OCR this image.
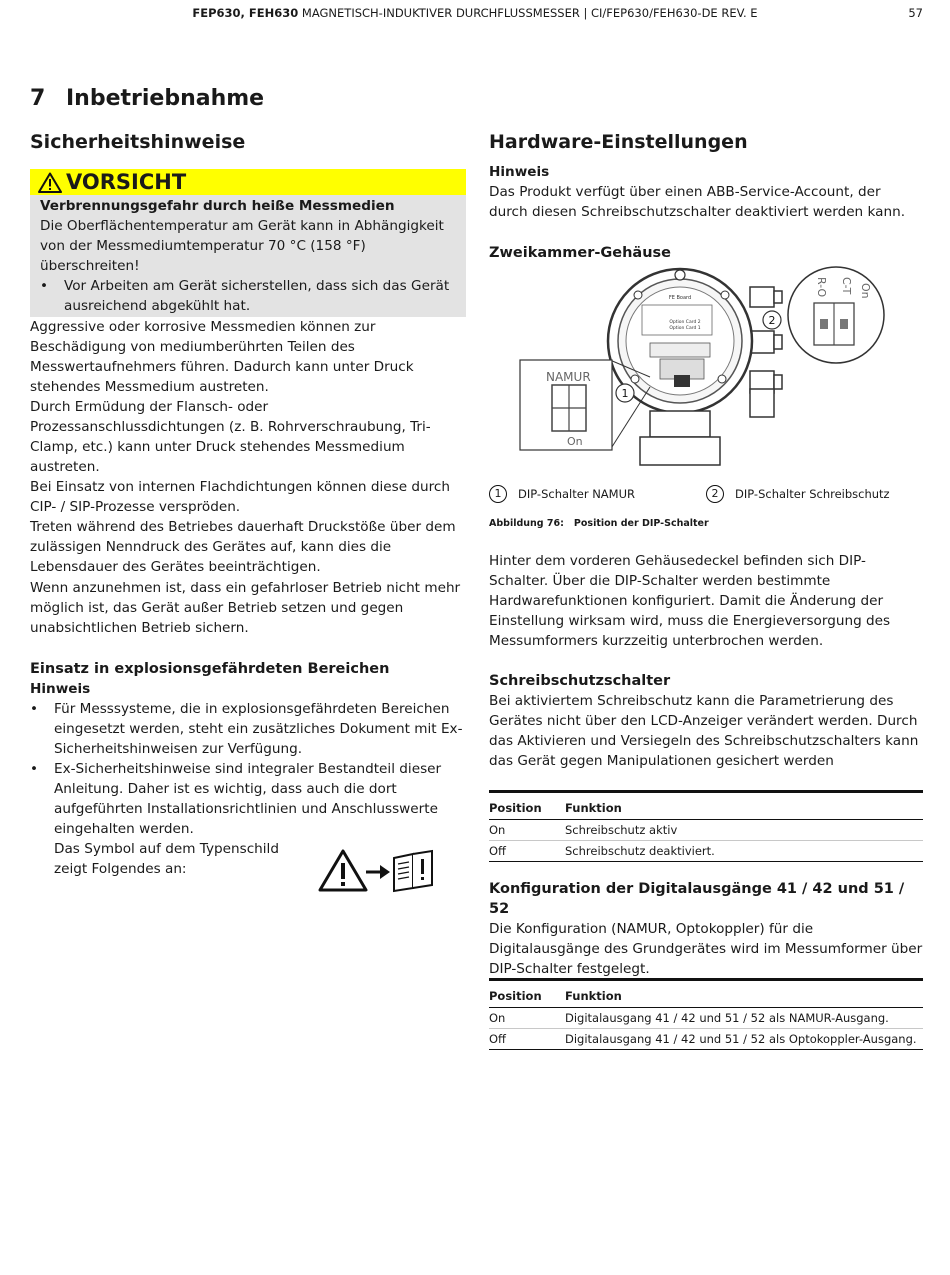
FEP630, FEH630 MAGNETISCH-INDUKTIVER DURCHFLUSSMESSER | CI/FEP630/FEH630-DE REV. E	57
7 Inbetriebnahme
Sicherheitshinweise
VORSICHT

Verbrennungsgefahr durch heiße Messmedien

Die Oberflächentemperatur am Gerät kann in Abhängigkeit von der Messmediumtemperatur 70 °C (158 °F) überschreiten!

• Vor Arbeiten am Gerät sicherstellen, dass sich das Gerät ausreichend abgekühlt hat.

Aggressive oder korrosive Messmedien können zur Beschädigung von mediumberührten Teilen des Messwertaufnehmers führen. Dadurch kann unter Druck stehendes Messmedium austreten.

Durch Ermüdung der Flansch- oder Prozessanschlussdichtungen (z. B. Rohrverschraubung, Tri-Clamp, etc.) kann unter Druck stehendes Messmedium austreten.

Bei Einsatz von internen Flachdichtungen können diese durch CIP- / SIP-Prozesse verspröden.

Treten während des Betriebes dauerhaft Druckstöße über dem zulässigen Nenndruck des Gerätes auf, kann dies die Lebensdauer des Gerätes beeinträchtigen.

Wenn anzunehmen ist, dass ein gefahrloser Betrieb nicht mehr möglich ist, das Gerät außer Betrieb setzen und gegen unabsichtlichen Betrieb sichern.

Einsatz in explosionsgefährdeten Bereichen

Hinweis

• Für Messsysteme, die in explosionsgefährdeten Bereichen eingesetzt werden, steht ein zusätzliches Dokument mit Ex-Sicherheitshinweisen zur Verfügung.
• Ex-Sicherheitshinweise sind integraler Bestandteil dieser Anleitung. Daher ist es wichtig, dass auch die dort aufgeführten Installationsrichtlinien und Anschlusswerte eingehalten werden.

Das Symbol auf dem Typenschild zeigt Folgendes an:

Hardware-Einstellungen

Hinweis

Das Produkt verfügt über einen ABB-Service-Account, der durch diesen Schreibschutzschalter deaktiviert werden kann.

Zweikammer-Gehäuse

FE Board
Option Card 2
Option Card 1
NAMUR
On
1
R-O C-T On
2
1	DIP-Schalter NAMUR	2	DIP-Schalter Schreibschutz
Abbildung 76: Position der DIP-Schalter

Hinter dem vorderen Gehäusedeckel befinden sich DIP-Schalter. Über die DIP-Schalter werden bestimmte Hardwarefunktionen konfiguriert. Damit die Änderung der Einstellung wirksam wird, muss die Energieversorgung des Messumformers kurzzeitig unterbrochen werden.

Schreibschutzschalter

Bei aktiviertem Schreibschutz kann die Parametrierung des Gerätes nicht über den LCD-Anzeiger verändert werden. Durch das Aktivieren und Versiegeln des Schreibschutzschalters kann das Gerät gegen Manipulationen gesichert werden

Position	Funktion
On	Schreibschutz aktiv
Off	Schreibschutz deaktiviert.

Konfiguration der Digitalausgänge 41 / 42 und 51 / 52

Die Konfiguration (NAMUR, Optokoppler) für die Digitalausgänge des Grundgerätes wird im Messumformer über DIP-Schalter festgelegt.

Position	Funktion
On	Digitalausgang 41 / 42 und 51 / 52 als NAMUR-Ausgang.
Off	Digitalausgang 41 / 42 und 51 / 52 als Optokoppler-Ausgang.
